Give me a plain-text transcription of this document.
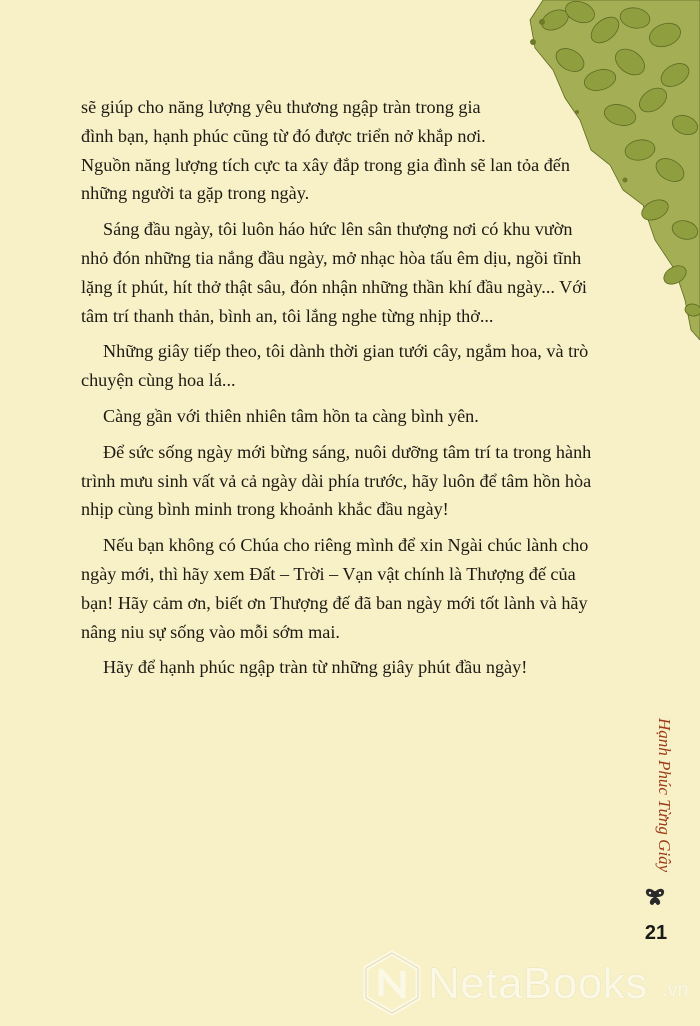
sẽ giúp cho năng lượng yêu thương ngập tràn trong gia
đình bạn, hạnh phúc cũng từ đó được triển nở khắp nơi.
Nguồn năng lượng tích cực ta xây đắp trong gia đình sẽ lan tỏa đến
những người ta gặp trong ngày.

Sáng đầu ngày, tôi luôn háo hức lên sân thượng nơi có khu vườn
nhỏ đón những tia nắng đầu ngày, mở nhạc hòa tấu êm dịu, ngồi tĩnh
lặng ít phút, hít thở thật sâu, đón nhận những thần khí đầu ngày... Với
tâm trí thanh thản, bình an, tôi lắng nghe từng nhịp thở...

Những giây tiếp theo, tôi dành thời gian tưới cây, ngắm hoa, và trò
chuyện cùng hoa lá...

Càng gần với thiên nhiên tâm hồn ta càng bình yên.

Để sức sống ngày mới bừng sáng, nuôi dưỡng tâm trí ta trong hành
trình mưu sinh vất vả cả ngày dài phía trước, hãy luôn để tâm hồn hòa
nhịp cùng bình minh trong khoảnh khắc đầu ngày!

Nếu bạn không có Chúa cho riêng mình để xin Ngài chúc lành cho
ngày mới, thì hãy xem Đất – Trời – Vạn vật chính là Thượng đế của
bạn! Hãy cảm ơn, biết ơn Thượng đế đã ban ngày mới tốt lành và hãy
nâng niu sự sống vào mỗi sớm mai.

Hãy để hạnh phúc ngập tràn từ những giây phút đầu ngày!

Hạnh Phúc Từng Giây
21
NetaBooks .vn
